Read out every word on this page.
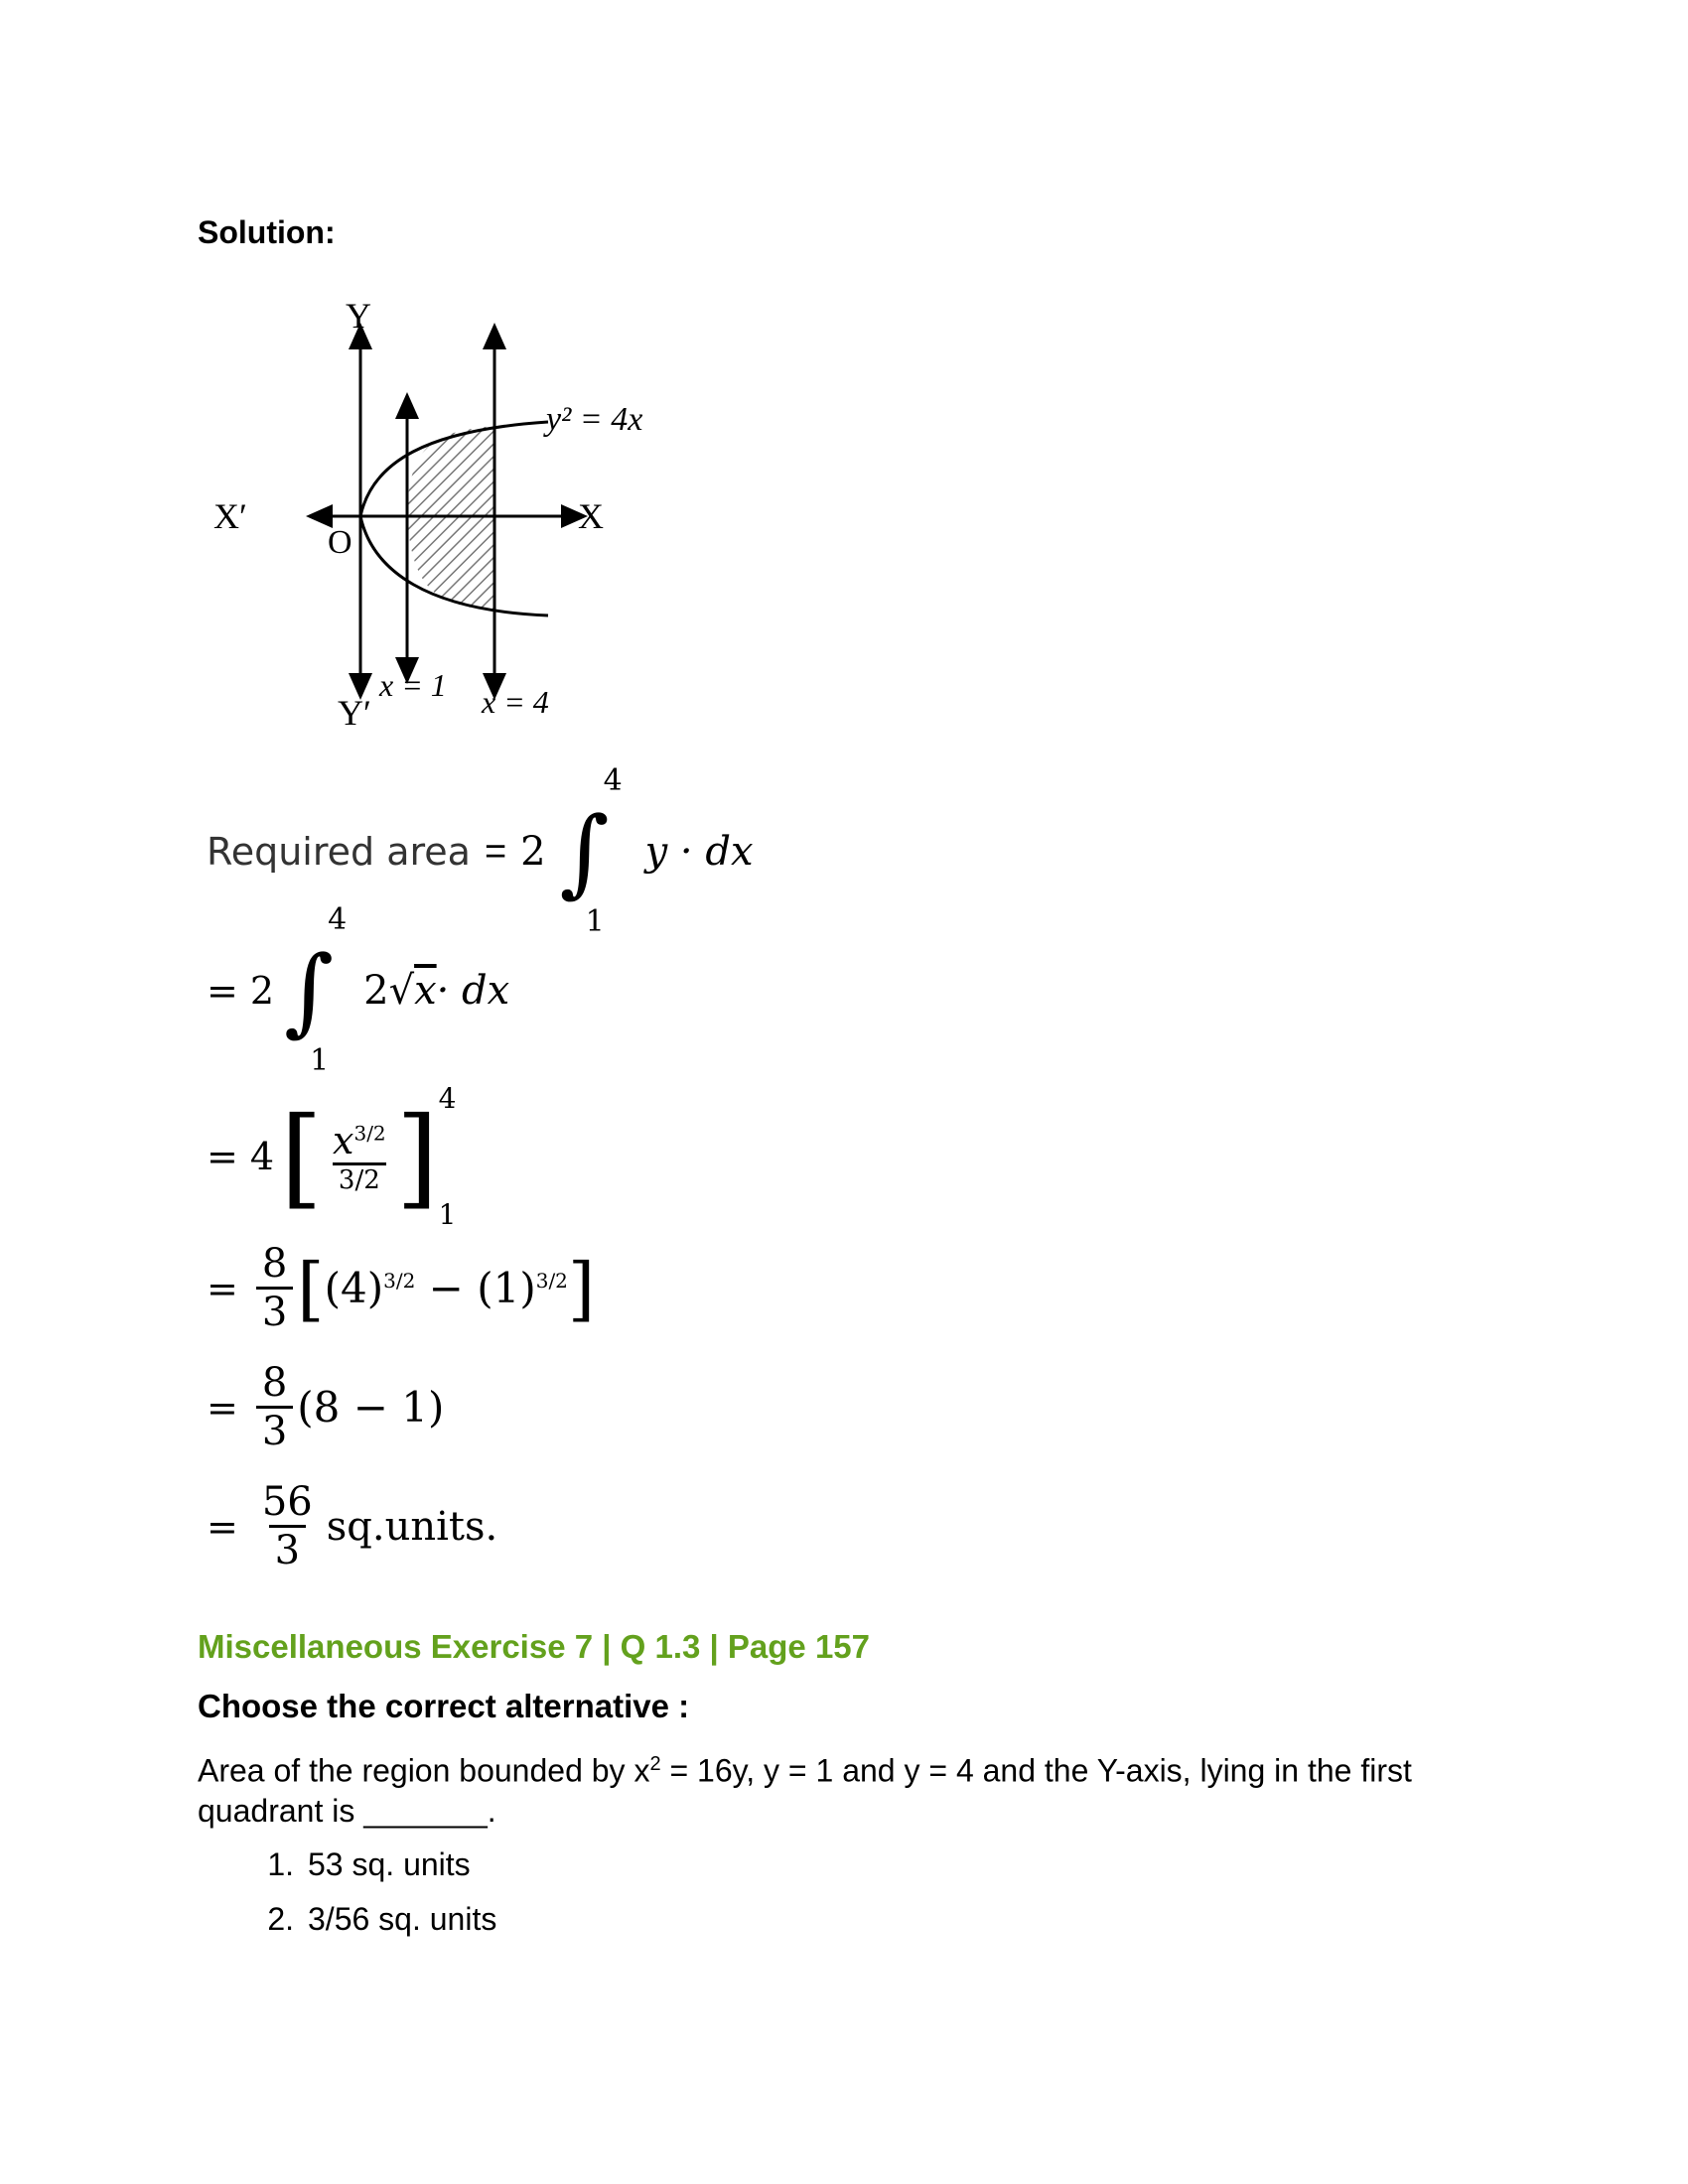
Solution:
Y
X′	X
O
y² = 4x
Y′
x = 1 x = 4
Required area = 2 ∫
4
1
y · dx
= 2 ∫
4
1
2 √x · dx
= 4 [ $\frac{x^{3/2}}{3/2}$ ] 4
1
= $\frac{8}{3}$ [ $(4)^{3/2} - (1)^{3/2}$ ]
= $\frac{8}{3} (8 - 1)$
= $\frac{56}{3}$ sq.units.
Miscellaneous Exercise 7 | Q 1.3 | Page 157
Choose the correct alternative :
Area of the region bounded by $x^2 = 16y$, y = 1 and y = 4 and the Y-axis, lying in the first quadrant is _______.
1. 53 sq. units
2. 3/56 sq. units
